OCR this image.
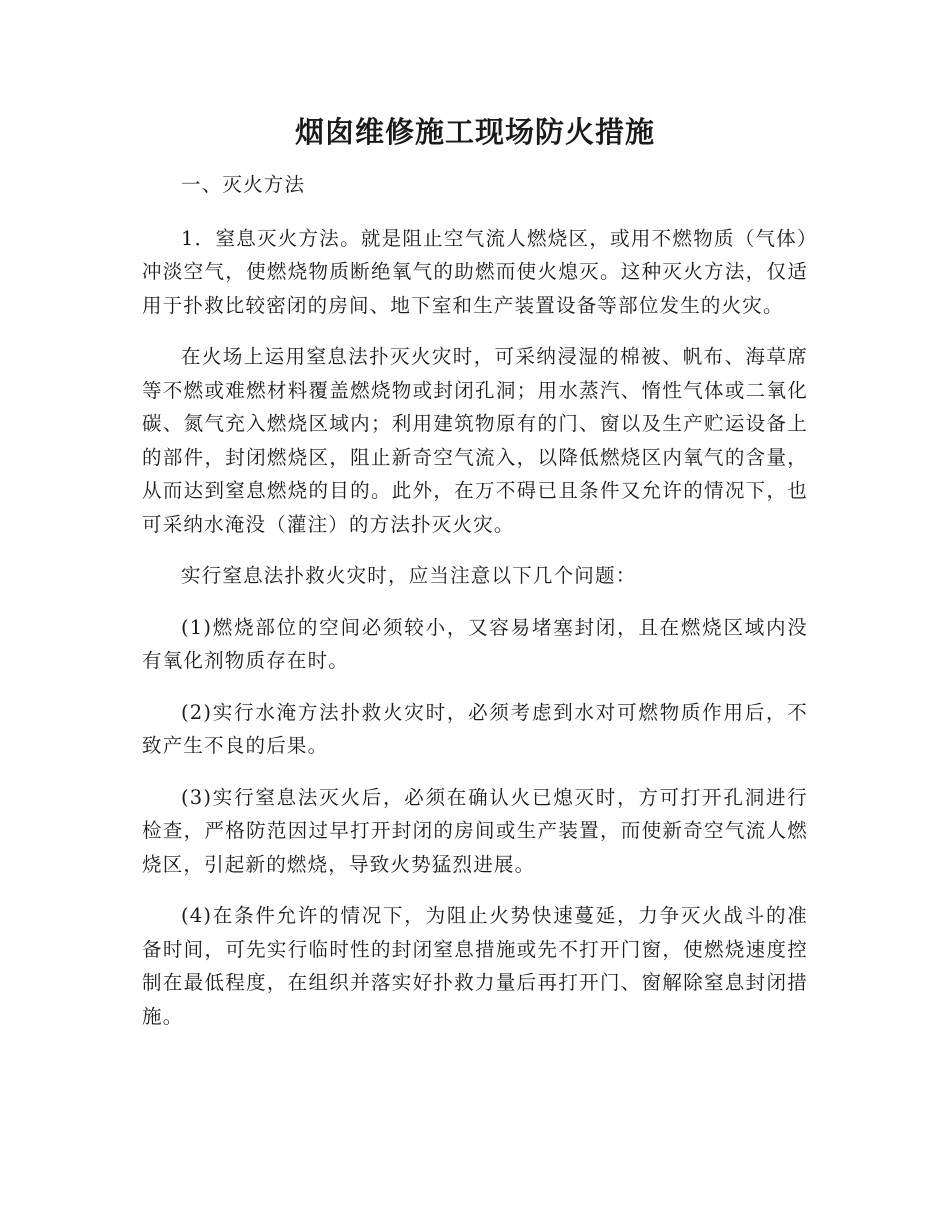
烟囱维修施工现场防火措施

一、灭火方法

1．窒息灭火方法。就是阻止空气流人燃烧区，或用不燃物质（气体）冲淡空气，使燃烧物质断绝氧气的助燃而使火熄灭。这种灭火方法，仅适用于扑救比较密闭的房间、地下室和生产装置设备等部位发生的火灾。

在火场上运用窒息法扑灭火灾时，可采纳浸湿的棉被、帆布、海草席等不燃或难燃材料覆盖燃烧物或封闭孔洞；用水蒸汽、惰性气体或二氧化碳、氮气充入燃烧区域内；利用建筑物原有的门、窗以及生产贮运设备上的部件，封闭燃烧区，阻止新奇空气流入，以降低燃烧区内氧气的含量，从而达到窒息燃烧的目的。此外，在万不碍已且条件又允许的情况下，也可采纳水淹没（灌注）的方法扑灭火灾。

实行窒息法扑救火灾时，应当注意以下几个问题：

(1)燃烧部位的空间必须较小，又容易堵塞封闭，且在燃烧区域内没有氧化剂物质存在时。

(2)实行水淹方法扑救火灾时，必须考虑到水对可燃物质作用后，不致产生不良的后果。

(3)实行窒息法灭火后，必须在确认火已熄灭时，方可打开孔洞进行检查，严格防范因过早打开封闭的房间或生产装置，而使新奇空气流人燃烧区，引起新的燃烧，导致火势猛烈进展。

(4)在条件允许的情况下，为阻止火势快速蔓延，力争灭火战斗的准备时间，可先实行临时性的封闭窒息措施或先不打开门窗，使燃烧速度控制在最低程度，在组织并落实好扑救力量后再打开门、窗解除窒息封闭措施。
